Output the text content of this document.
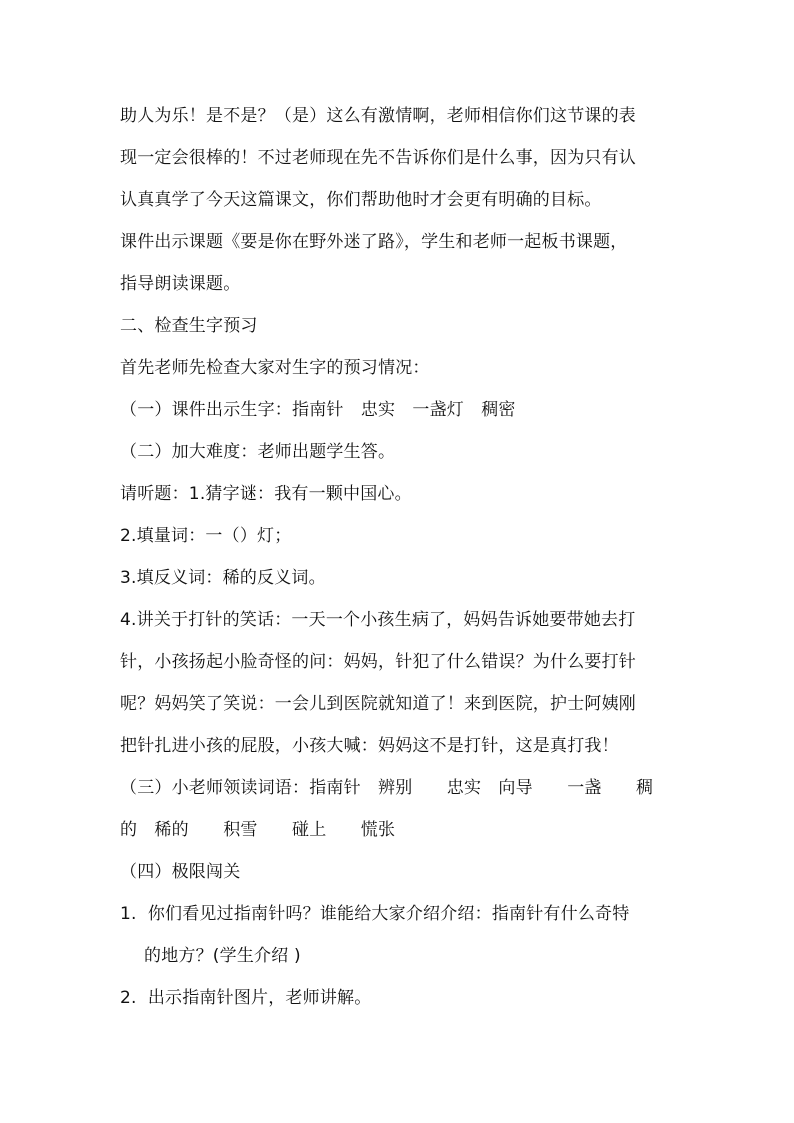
助人为乐！是不是？（是）这么有激情啊，老师相信你们这节课的表
现一定会很棒的！不过老师现在先不告诉你们是什么事，因为只有认
认真真学了今天这篇课文，你们帮助他时才会更有明确的目标。
课件出示课题《要是你在野外迷了路》，学生和老师一起板书课题，
指导朗读课题。
二、检查生字预习
首先老师先检查大家对生字的预习情况：
（一）课件出示生字：指南针　忠实　一盏灯　稠密
（二）加大难度：老师出题学生答。
请听题：1.猜字谜：我有一颗中国心。
2.填量词：一（）灯；
3.填反义词：稀的反义词。
4.讲关于打针的笑话：一天一个小孩生病了，妈妈告诉她要带她去打
针，小孩扬起小脸奇怪的问：妈妈，针犯了什么错误？为什么要打针
呢？妈妈笑了笑说：一会儿到医院就知道了！来到医院，护士阿姨刚
把针扎进小孩的屁股，小孩大喊：妈妈这不是打针，这是真打我！
（三）小老师领读词语：指南针　辨别　　忠实　向导　　一盏　　稠
的　稀的　　积雪　　碰上　　慌张
（四）极限闯关
1.  你们看见过指南针吗？谁能给大家介绍介绍：指南针有什么奇特
的地方？(学生介绍 )
2.  出示指南针图片，老师讲解。
